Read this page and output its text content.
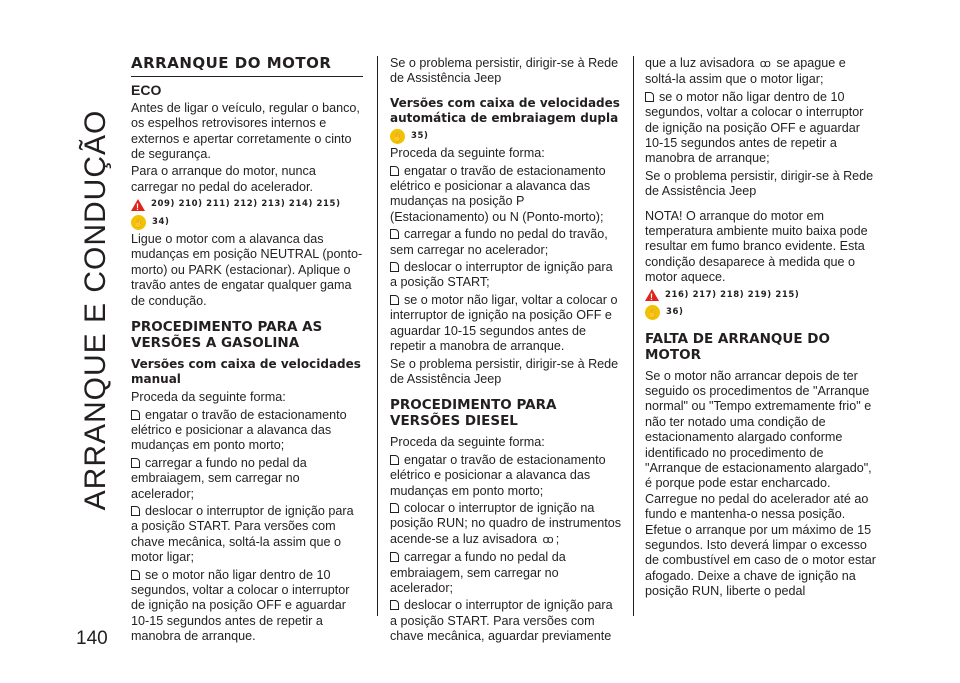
ARRANQUE E CONDUÇÃO
140
ARRANQUE DO MOTOR
ECO

Antes de ligar o veículo, regular o banco, os espelhos retrovisores internos e externos e apertar corretamente o cinto de segurança.

Para o arranque do motor, nunca carregar no pedal do acelerador.

!
209) 210) 211) 212) 213) 214) 215)
✋
34)

Ligue o motor com a alavanca das mudanças em posição NEUTRAL (ponto-morto) ou PARK (estacionar). Aplique o travão antes de engatar qualquer gama de condução.

PROCEDIMENTO PARA AS VERSÕES A GASOLINA
Versões com caixa de velocidades manual

Proceda da seguinte forma:

engatar o travão de estacionamento elétrico e posicionar a alavanca das mudanças em ponto morto;

carregar a fundo no pedal da embraiagem, sem carregar no acelerador;

deslocar o interruptor de ignição para a posição START. Para versões com chave mecânica, soltá-la assim que o motor ligar;

se o motor não ligar dentro de 10 segundos, voltar a colocar o interruptor de ignição na posição OFF e aguardar 10-15 segundos antes de repetir a manobra de arranque.

Se o problema persistir, dirigir-se à Rede de Assistência Jeep

Versões com caixa de velocidades automática de embraiagem dupla
✋
35)

Proceda da seguinte forma:

engatar o travão de estacionamento elétrico e posicionar a alavanca das mudanças na posição P (Estacionamento) ou N (Ponto-morto);

carregar a fundo no pedal do travão, sem carregar no acelerador;

deslocar o interruptor de ignição para a posição START;

se o motor não ligar, voltar a colocar o interruptor de ignição na posição OFF e aguardar 10-15 segundos antes de repetir a manobra de arranque.

Se o problema persistir, dirigir-se à Rede de Assistência Jeep

PROCEDIMENTO PARA VERSÕES DIESEL

Proceda da seguinte forma:

engatar o travão de estacionamento elétrico e posicionar a alavanca das mudanças em ponto morto;

colocar o interruptor de ignição na posição RUN; no quadro de instrumentos acende-se a luz avisadora ꝏ ;

carregar a fundo no pedal da embraiagem, sem carregar no acelerador;

deslocar o interruptor de ignição para a posição START. Para versões com chave mecânica, aguardar previamente

que a luz avisadora ꝏ se apague e soltá-la assim que o motor ligar;

se o motor não ligar dentro de 10 segundos, voltar a colocar o interruptor de ignição na posição OFF e aguardar 10-15 segundos antes de repetir a manobra de arranque;

Se o problema persistir, dirigir-se à Rede de Assistência Jeep

NOTA! O arranque do motor em temperatura ambiente muito baixa pode resultar em fumo branco evidente. Esta condição desaparece à medida que o motor aquece.

!
216) 217) 218) 219) 215)
✋
36)
FALTA DE ARRANQUE DO MOTOR

Se o motor não arrancar depois de ter seguido os procedimentos de "Arranque normal" ou "Tempo extremamente frio" e não ter notado uma condição de estacionamento alargado conforme identificado no procedimento de "Arranque de estacionamento alargado", é porque pode estar encharcado. Carregue no pedal do acelerador até ao fundo e mantenha-o nessa posição. Efetue o arranque por um máximo de 15 segundos. Isto deverá limpar o excesso de combustível em caso de o motor estar afogado. Deixe a chave de ignição na posição RUN, liberte o pedal
